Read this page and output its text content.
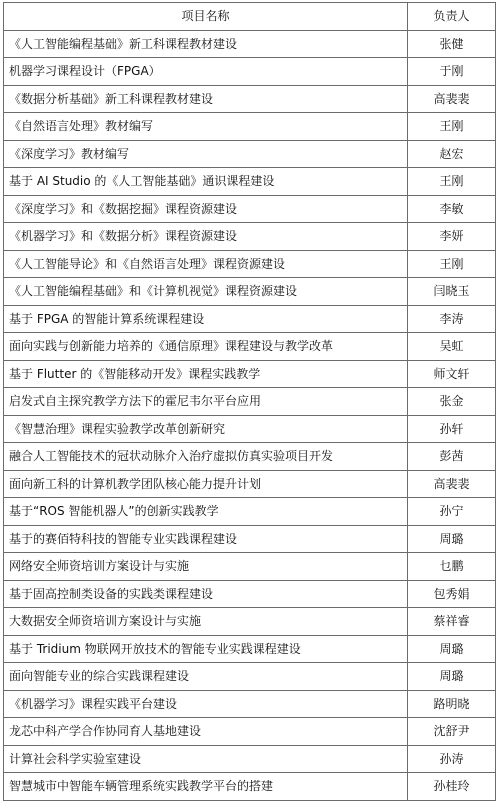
项目名称	负责人
《人工智能编程基础》新工科课程教材建设	张健
机器学习课程设计（FPGA）	于刚
《数据分析基础》新工科课程教材建设	高裴裴
《自然语言处理》教材编写	王刚
《深度学习》教材编写	赵宏
基于 AI Studio 的《人工智能基础》通识课程建设	王刚
《深度学习》和《数据挖掘》课程资源建设	李敏
《机器学习》和《数据分析》课程资源建设	李妍
《人工智能导论》和《自然语言处理》课程资源建设	王刚
《人工智能编程基础》和《计算机视觉》课程资源建设	闫晓玉
基于 FPGA 的智能计算系统课程建设	李涛
面向实践与创新能力培养的《通信原理》课程建设与教学改革	吴虹
基于 Flutter 的《智能移动开发》课程实践教学	师文轩
启发式自主探究教学方法下的霍尼韦尔平台应用	张金
《智慧治理》课程实验教学改革创新研究	孙轩
融合人工智能技术的冠状动脉介入治疗虚拟仿真实验项目开发	彭茜
面向新工科的计算机教学团队核心能力提升计划	高裴裴
基于“ROS 智能机器人”的创新实践教学	孙宁
基于的赛佰特科技的智能专业实践课程建设	周璐
网络安全师资培训方案设计与实施	乜鹏
基于固高控制类设备的实践类课程建设	包秀娟
大数据安全师资培训方案设计与实施	蔡祥睿
基于 Tridium 物联网开放技术的智能专业实践课程建设	周璐
面向智能专业的综合实践课程建设	周璐
《机器学习》课程实践平台建设	路明晓
龙芯中科产学合作协同育人基地建设	沈舒尹
计算社会科学实验室建设	孙涛
智慧城市中智能车辆管理系统实践教学平台的搭建	孙桂玲
